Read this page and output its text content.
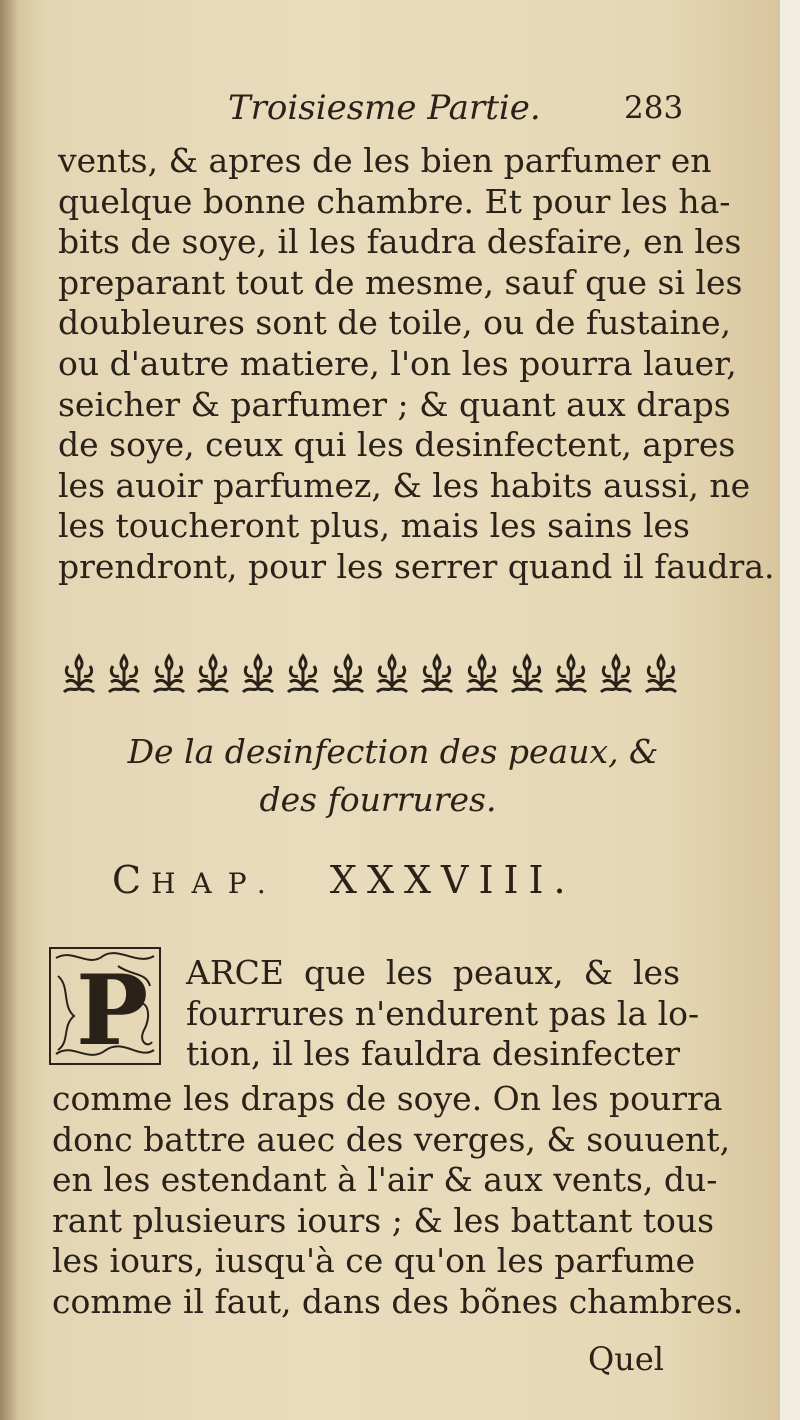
Troisiesme Partie.	283
vents, & apres de les bien parfumer en
quelque bonne chambre. Et pour les ha-
bits de soye, il les faudra desfaire, en les
preparant tout de mesme, sauf que si les
doubleures sont de toile, ou de fustaine,
ou d'autre matiere, l'on les pourra lauer,
seicher & parfumer ; & quant aux draps
de soye, ceux qui les desinfectent, apres
les auoir parfumez, & les habits aussi, ne
les toucheront plus, mais les sains les
prendront, pour les serrer quand il faudra.
De la desinfection des peaux, &
des fourrures.
CHAP. XXXVIII.
P ARCE que les peaux, & les
fourrures n'endurent pas la lo-
tion, il les fauldra desinfecter
comme les draps de soye. On les pourra
donc battre auec des verges, & souuent,
en les estendant à l'air & aux vents, du-
rant plusieurs iours ; & les battant tous
les iours, iusqu'à ce qu'on les parfume
comme il faut, dans des bõnes chambres.
Quel
